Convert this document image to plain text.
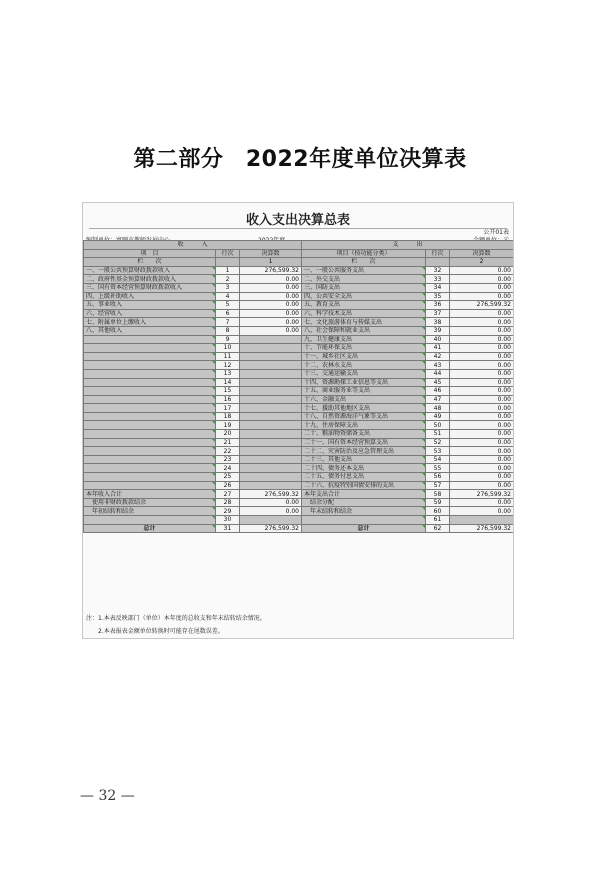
第二部分　2022年度单位决算表
收入支出决算总表
公开01表
收　　　入			支　　　出		
项　目	行次	决算数	项目（按功能分类）	行次	决算数
栏　　次		1	栏　　次		2
一、一般公共预算财政拨款收入	1	276,599.32	一、一般公共服务支出	32	0.00
二、政府性基金预算财政拨款收入	2	0.00	二、外交支出	33	0.00
三、国有资本经营预算财政拨款收入	3	0.00	三、国防支出	34	0.00
四、上级补助收入	4	0.00	四、公共安全支出	35	0.00
五、事业收入	5	0.00	五、教育支出	36	276,599.32
六、经营收入	6	0.00	六、科学技术支出	37	0.00
七、附属单位上缴收入	7	0.00	七、文化旅游体育与传媒支出	38	0.00
八、其他收入	8	0.00	八、社会保障和就业支出	39	0.00
	9		九、卫生健康支出	40	0.00
	10		十、节能环保支出	41	0.00
	11		十一、城乡社区支出	42	0.00
	12		十二、农林水支出	43	0.00
	13		十三、交通运输支出	44	0.00
	14		十四、资源勘探工业信息等支出	45	0.00
	15		十五、商业服务业等支出	46	0.00
	16		十六、金融支出	47	0.00
	17		十七、援助其他地区支出	48	0.00
	18		十八、自然资源海洋气象等支出	49	0.00
	19		十九、住房保障支出	50	0.00
	20		二十、粮油物资储备支出	51	0.00
	21		二十一、国有资本经营预算支出	52	0.00
	22		二十二、灾害防治及应急管理支出	53	0.00
	23		二十三、其他支出	54	0.00
	24		二十四、债务还本支出	55	0.00
	25		二十五、债务付息支出	56	0.00
	26		二十六、抗疫特别国债安排的支出	57	0.00
本年收入合计	27	276,599.32	本年支出合计	58	276,599.32
　使用非财政拨款结余	28	0.00	　结余分配	59	0.00
　年初结转和结余	29	0.00	　年末结转和结余	60	0.00
	30			61	
总计	31	276,599.32	总计	62	276,599.32
注：1.本表反映部门（单位）本年度的总收支和年末结转结余情况。
　　2.本表报表金额单位转换时可能存在尾数误差。
— 32 —
